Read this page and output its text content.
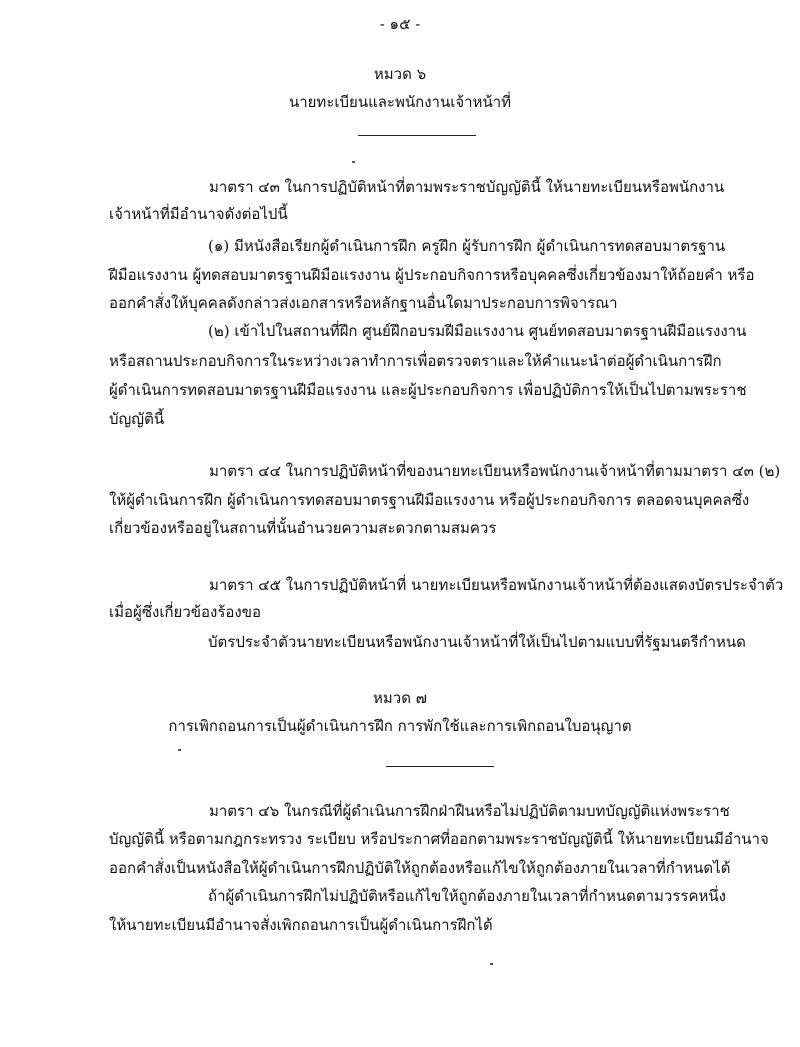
- ๑๕ -
หมวด ๖
นายทะเบียนและพนักงานเจ้าหน้าที่
มาตรา ๔๓ ในการปฏิบัติหน้าที่ตามพระราชบัญญัตินี้ ให้นายทะเบียนหรือพนักงาน
เจ้าหน้าที่มีอำนาจดังต่อไปนี้
(๑) มีหนังสือเรียกผู้ดำเนินการฝึก ครูฝึก ผู้รับการฝึก ผู้ดำเนินการทดสอบมาตรฐาน
ฝีมือแรงงาน ผู้ทดสอบมาตรฐานฝีมือแรงงาน ผู้ประกอบกิจการหรือบุคคลซึ่งเกี่ยวข้องมาให้ถ้อยคำ หรือ
ออกคำสั่งให้บุคคลดังกล่าวส่งเอกสารหรือหลักฐานอื่นใดมาประกอบการพิจารณา
(๒) เข้าไปในสถานที่ฝึก ศูนย์ฝึกอบรมฝีมือแรงงาน ศูนย์ทดสอบมาตรฐานฝีมือแรงงาน
หรือสถานประกอบกิจการในระหว่างเวลาทำการเพื่อตรวจตราและให้คำแนะนำต่อผู้ดำเนินการฝึก
ผู้ดำเนินการทดสอบมาตรฐานฝีมือแรงงาน และผู้ประกอบกิจการ เพื่อปฏิบัติการให้เป็นไปตามพระราช
บัญญัตินี้
มาตรา ๔๔ ในการปฏิบัติหน้าที่ของนายทะเบียนหรือพนักงานเจ้าหน้าที่ตามมาตรา ๔๓ (๒)
ให้ผู้ดำเนินการฝึก ผู้ดำเนินการทดสอบมาตรฐานฝีมือแรงงาน หรือผู้ประกอบกิจการ ตลอดจนบุคคลซึ่ง
เกี่ยวข้องหรืออยู่ในสถานที่นั้นอำนวยความสะดวกตามสมควร
มาตรา ๔๕ ในการปฏิบัติหน้าที่ นายทะเบียนหรือพนักงานเจ้าหน้าที่ต้องแสดงบัตรประจำตัว
เมื่อผู้ซึ่งเกี่ยวข้องร้องขอ
บัตรประจำตัวนายทะเบียนหรือพนักงานเจ้าหน้าที่ให้เป็นไปตามแบบที่รัฐมนตรีกำหนด
หมวด ๗
การเพิกถอนการเป็นผู้ดำเนินการฝึก การพักใช้และการเพิกถอนใบอนุญาต
มาตรา ๔๖ ในกรณีที่ผู้ดำเนินการฝึกฝ่าฝืนหรือไม่ปฏิบัติตามบทบัญญัติแห่งพระราช
บัญญัตินี้ หรือตามกฎกระทรวง ระเบียบ หรือประกาศที่ออกตามพระราชบัญญัตินี้ ให้นายทะเบียนมีอำนาจ
ออกคำสั่งเป็นหนังสือให้ผู้ดำเนินการฝึกปฏิบัติให้ถูกต้องหรือแก้ไขให้ถูกต้องภายในเวลาที่กำหนดได้
ถ้าผู้ดำเนินการฝึกไม่ปฏิบัติหรือแก้ไขให้ถูกต้องภายในเวลาที่กำหนดตามวรรคหนึ่ง
ให้นายทะเบียนมีอำนาจสั่งเพิกถอนการเป็นผู้ดำเนินการฝึกได้
